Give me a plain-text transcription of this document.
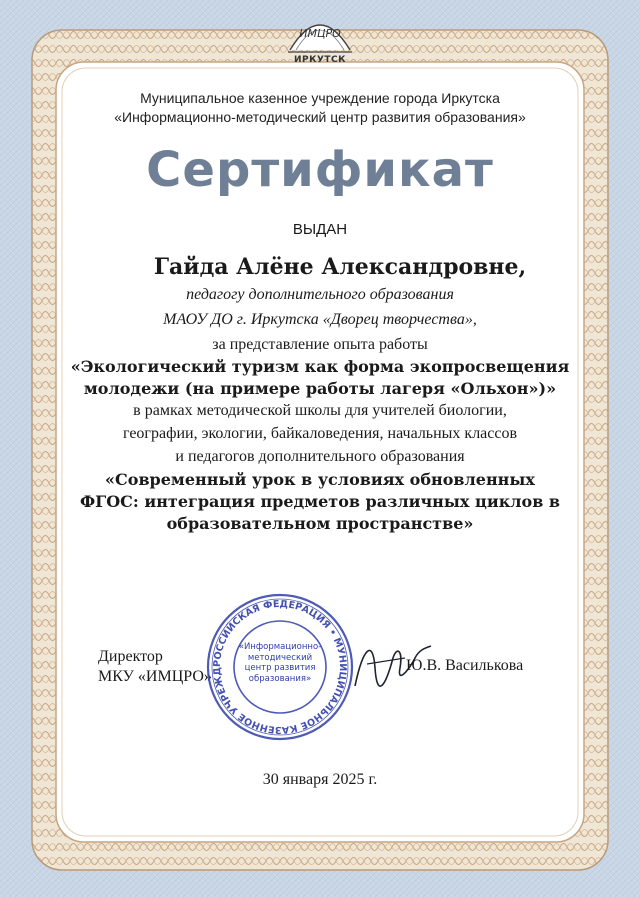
ИМЦРО
ИРКУТСК
Муниципальное казенное учреждение города Иркутска
«Информационно-методический центр развития образования»
Сертификат
ВЫДАН
Гайда Алёне Александровне,
педагогу дополнительного образования
МАОУ ДО г. Иркутска «Дворец творчества»,
за представление опыта работы
«Экологический туризм как форма экопросвещения
молодежи (на примере работы лагеря «Ольхон»)»
в рамках методической школы для учителей биологии,
географии, экологии, байкаловедения, начальных классов
и педагогов дополнительного образования
«Современный урок в условиях обновленных
ФГОС: интеграция предметов различных циклов в
образовательном пространстве»
Директор
МКУ «ИМЦРО»
РОССИЙСКАЯ ФЕДЕРАЦИЯ • МУНИЦИПАЛЬНОЕ КАЗЕННОЕ УЧРЕЖД
«Информационно-
методический
центр развития
образования»
Ю.В. Василькова
30 января 2025 г.
